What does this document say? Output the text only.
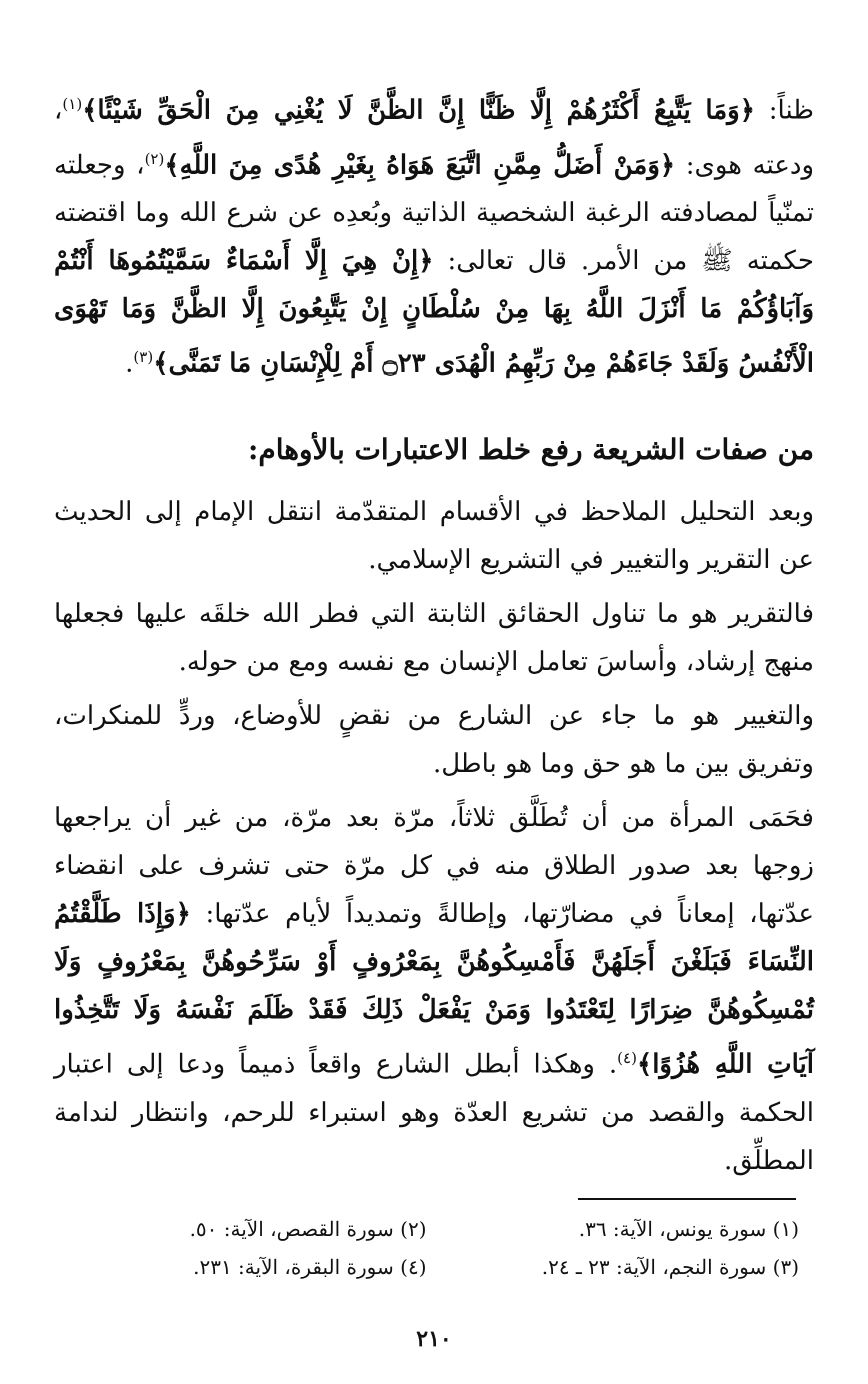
ظناً: ﴿وَمَا يَتَّبِعُ أَكْثَرُهُمْ إِلَّا ظَنًّا إِنَّ الظَّنَّ لَا يُغْنِي مِنَ الْحَقِّ شَيْئًا﴾$^{(١)}$، ودعته هوى: ﴿وَمَنْ أَضَلُّ مِمَّنِ اتَّبَعَ هَوَاهُ بِغَيْرِ هُدًى مِنَ اللَّهِ﴾$^{(٢)}$، وجعلته تمنّياً لمصادفته الرغبة الشخصية الذاتية وبُعدِه عن شرع الله وما اقتضته حكمته ﷺ من الأمر. قال تعالى: ﴿إِنْ هِيَ إِلَّا أَسْمَاءٌ سَمَّيْتُمُوهَا أَنْتُمْ وَآبَاؤُكُمْ مَا أَنْزَلَ اللَّهُ بِهَا مِنْ سُلْطَانٍ إِنْ يَتَّبِعُونَ إِلَّا الظَّنَّ وَمَا تَهْوَى الْأَنْفُسُ وَلَقَدْ جَاءَهُمْ مِنْ رَبِّهِمُ الْهُدَى ۝٢٣ أَمْ لِلْإِنْسَانِ مَا تَمَنَّى﴾$^{(٣)}$.

من صفات الشريعة رفع خلط الاعتبارات بالأوهام:

وبعد التحليل الملاحظ في الأقسام المتقدّمة انتقل الإمام إلى الحديث عن التقرير والتغيير في التشريع الإسلامي.

فالتقرير هو ما تناول الحقائق الثابتة التي فطر الله خلقَه عليها فجعلها منهج إرشاد، وأساسَ تعامل الإنسان مع نفسه ومع من حوله.

والتغيير هو ما جاء عن الشارع من نقضٍ للأوضاع، وردٍّ للمنكرات، وتفريق بين ما هو حق وما هو باطل.

فحَمَى المرأة من أن تُطَلَّق ثلاثاً، مرّة بعد مرّة، من غير أن يراجعها زوجها بعد صدور الطلاق منه في كل مرّة حتى تشرف على انقضاء عدّتها، إمعاناً في مضارّتها، وإطالةً وتمديداً لأيام عدّتها: ﴿وَإِذَا طَلَّقْتُمُ النِّسَاءَ فَبَلَغْنَ أَجَلَهُنَّ فَأَمْسِكُوهُنَّ بِمَعْرُوفٍ أَوْ سَرِّحُوهُنَّ بِمَعْرُوفٍ وَلَا تُمْسِكُوهُنَّ ضِرَارًا لِتَعْتَدُوا وَمَنْ يَفْعَلْ ذَلِكَ فَقَدْ ظَلَمَ نَفْسَهُ وَلَا تَتَّخِذُوا آيَاتِ اللَّهِ هُزُوًا﴾$^{(٤)}$. وهكذا أبطل الشارع واقعاً ذميماً ودعا إلى اعتبار الحكمة والقصد من تشريع العدّة وهو استبراء للرحم، وانتظار لندامة المطلِّق.

(١) سورة يونس، الآية: ٣٦.
(٢) سورة القصص، الآية: ٥٠.
(٣) سورة النجم، الآية: ٢٣ ـ ٢٤.
(٤) سورة البقرة، الآية: ٢٣١.
٢١٠
